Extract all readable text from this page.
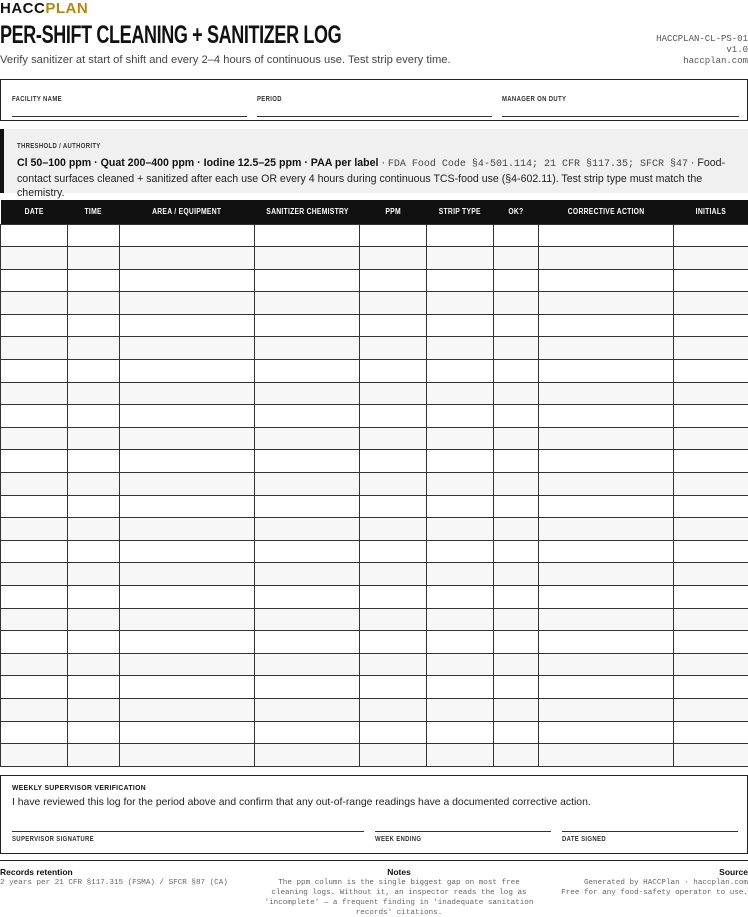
HACCPLAN
PER-SHIFT CLEANING + SANITIZER LOG
Verify sanitizer at start of shift and every 2–4 hours of continuous use. Test strip every time.
HACCPLAN-CL-PS-01
v1.0
haccplan.com
FACILITY NAME	PERIOD	MANAGER ON DUTY
THRESHOLD / AUTHORITY
Cl 50–100 ppm · Quat 200–400 ppm · Iodine 12.5–25 ppm · PAA per label · FDA Food Code §4-501.114; 21 CFR §117.35; SFCR §47 · Food-contact surfaces cleaned + sanitized after each use OR every 4 hours during continuous TCS-food use (§4-602.11). Test strip type must match the chemistry.
DATE	TIME	AREA / EQUIPMENT	SANITIZER CHEMISTRY	PPM	STRIP TYPE	OK?	CORRECTIVE ACTION	INITIALS

WEEKLY SUPERVISOR VERIFICATION
I have reviewed this log for the period above and confirm that any out-of-range readings have a documented corrective action.
SUPERVISOR SIGNATURE	WEEK ENDING	DATE SIGNED
Records retention
2 years per 21 CFR §117.315 (FSMA) / SFCR §87 (CA)
Notes
The ppm column is the single biggest gap on most free cleaning logs. Without it, an inspector reads the log as 'incomplete' — a frequent finding in 'inadequate sanitation records' citations.
Source
Generated by HACCPlan · haccplan.com
Free for any food-safety operator to use.
